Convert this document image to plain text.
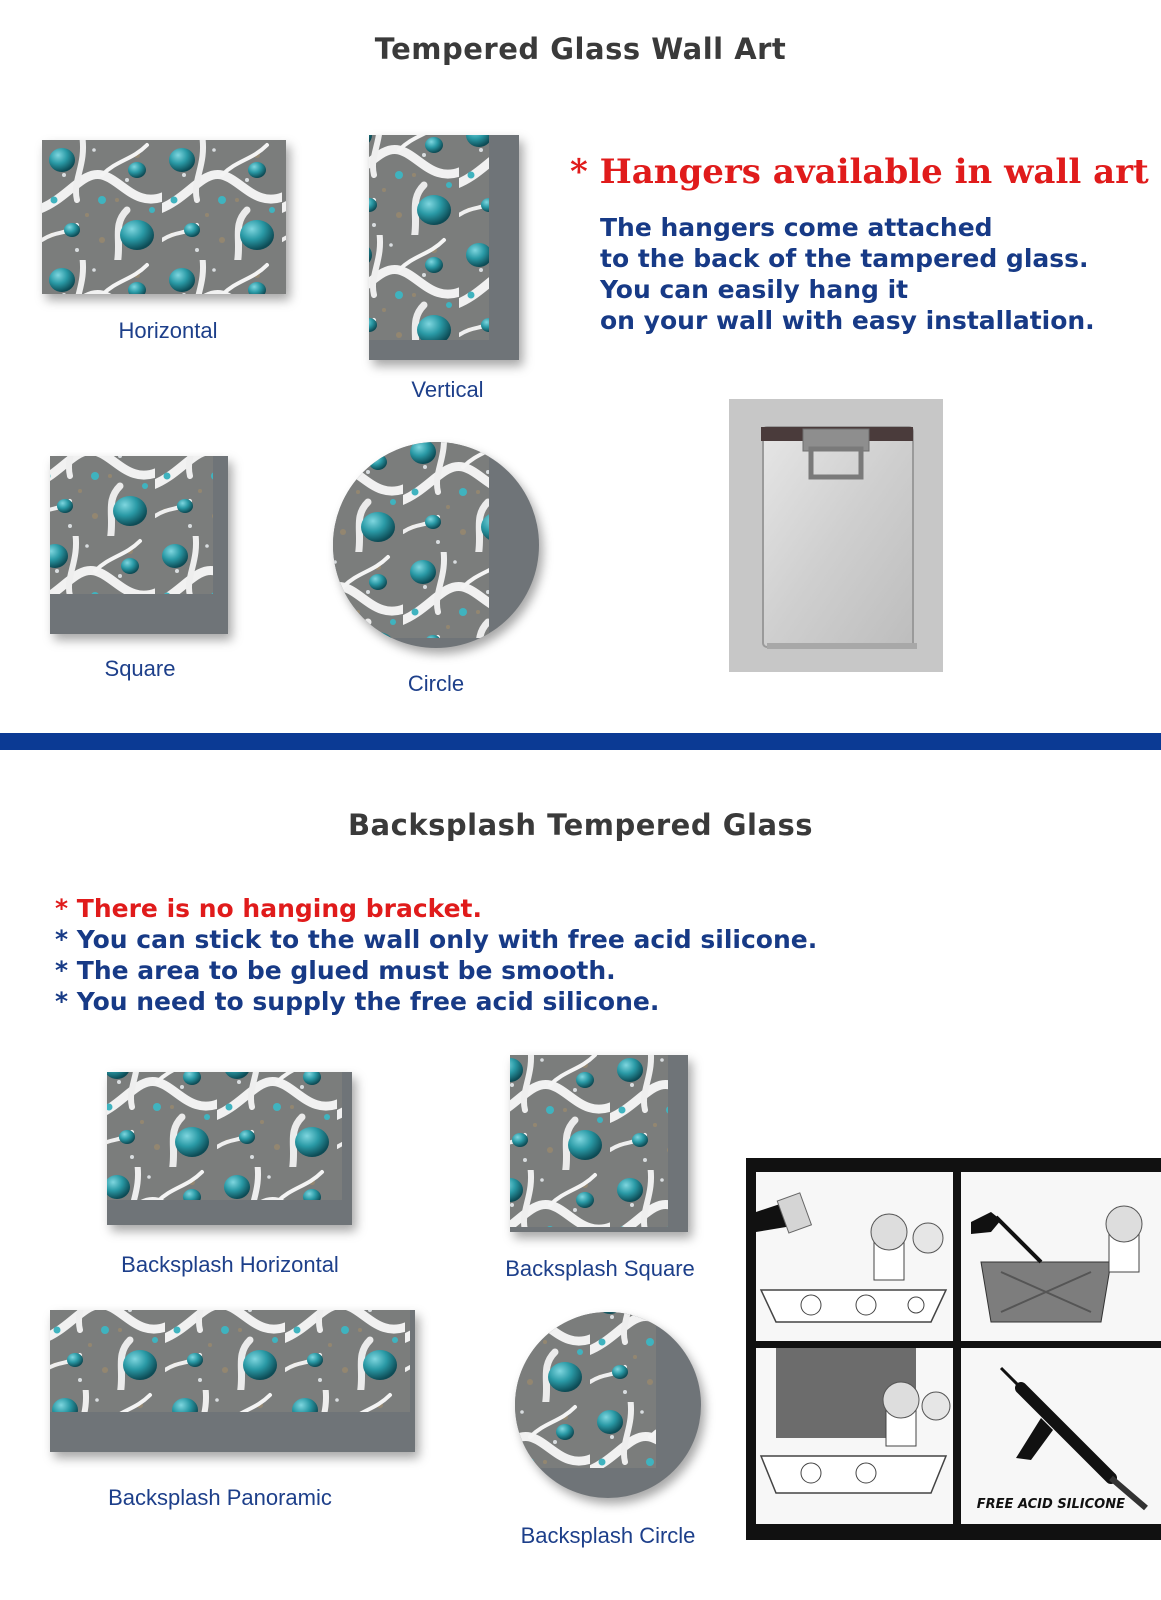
Tempered Glass Wall Art
Horizontal
Vertical
Square
Circle
* Hangers available in wall art
The hangers come attached
to the back of the tampered glass.
You can easily hang it
on your wall with easy installation.
Backsplash Tempered Glass
* There is no hanging bracket.
* You can stick to the wall only with free acid silicone.
* The area to be glued must be smooth.
* You need to supply the free acid silicone.
Backsplash Horizontal	Backsplash Square
Backsplash Panoramic
Backsplash Circle
FREE ACID SILICONE
